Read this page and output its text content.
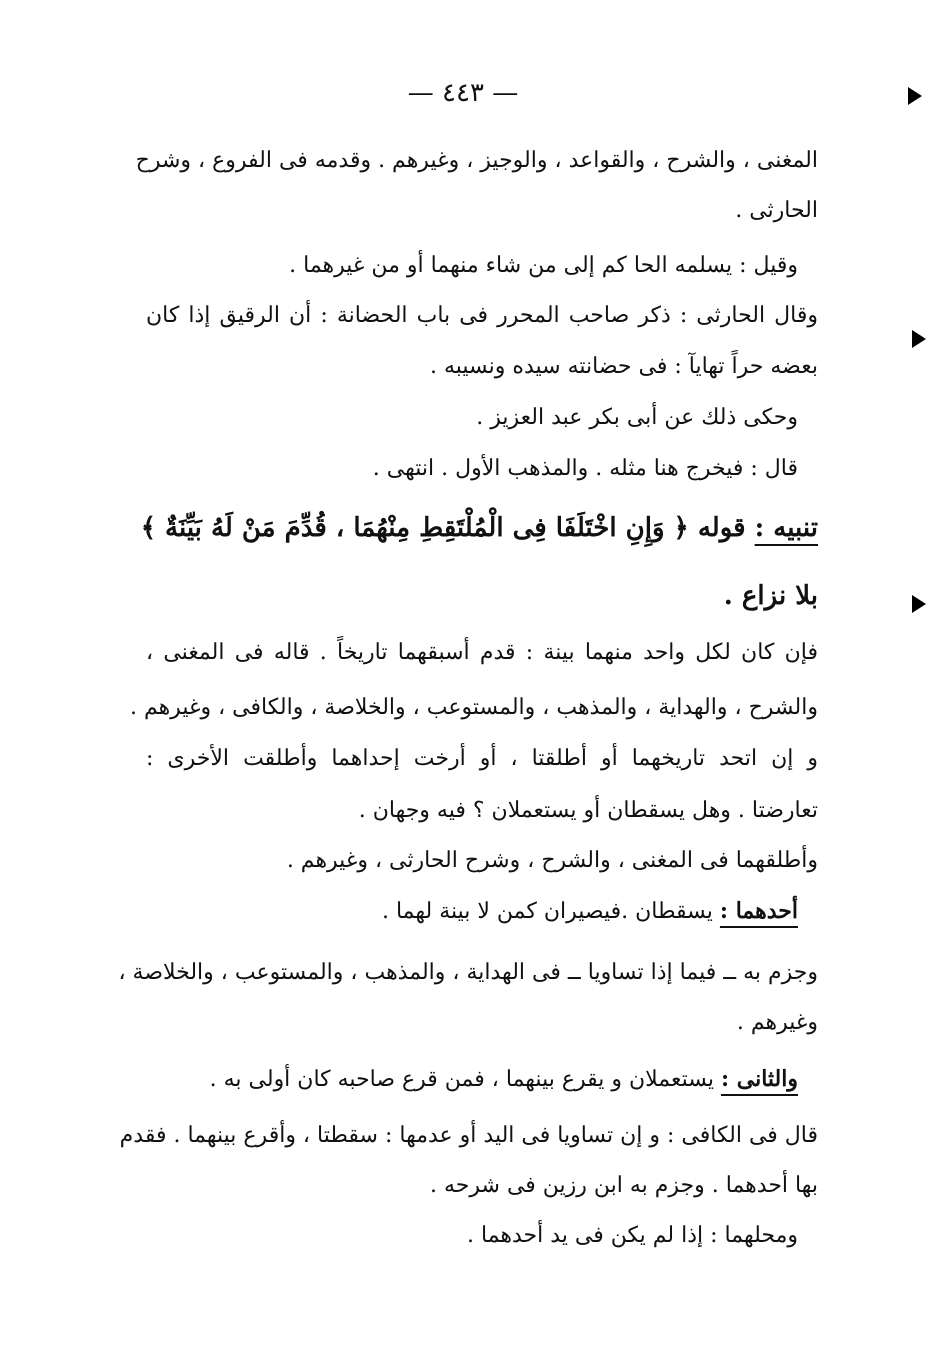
— ٤٤٣ —
المغنى ، والشرح ، والقواعد ، والوجيز ، وغيرهم . وقدمه فى الفروع ، وشرح
الحارثى .
وقيل : يسلمه الحا كم إلى من شاء منهما أو من غيرهما .
وقال الحارثى : ذكر صاحب المحرر فى باب الحضانة : أن الرقيق إذا كان
بعضه حراً تهايآ : فى حضانته سيده ونسيبه .
وحكى ذلك عن أبى بكر عبد العزيز .
قال : فيخرج هنا مثله . والمذهب الأول . انتهى .
تنبيه : قوله ﴿ وَإِنِ اخْتَلَفَا فِى الْمُلْتَقِطِ مِنْهُمَا ، قُدِّمَ مَنْ لَهُ بَيِّنَةٌ ﴾
بلا نزاع .
فإن كان لكل واحد منهما بينة : قدم أسبقهما تاريخاً . قاله فى المغنى ،
والشرح ، والهداية ، والمذهب ، والمستوعب ، والخلاصة ، والكافى ، وغيرهم .
و إن اتحد تاريخهما أو أطلقتا ، أو أرخت إحداهما وأطلقت الأخرى :
تعارضتا . وهل يسقطان أو يستعملان ؟ فيه وجهان .
وأطلقهما فى المغنى ، والشرح ، وشرح الحارثى ، وغيرهم .
أحدهما : يسقطان .فيصيران كمن لا بينة لهما .
وجزم به ــ فيما إذا تساويا ــ فى الهداية ، والمذهب ، والمستوعب ، والخلاصة ،
وغيرهم .
والثانى : يستعملان و يقرع بينهما ، فمن قرع صاحبه كان أولى به .
قال فى الكافى : و إن تساويا فى اليد أو عدمها : سقطتا ، وأقرع بينهما . فقدم
بها أحدهما . وجزم به ابن رزين فى شرحه .
ومحلهما : إذا لم يكن فى يد أحدهما .
